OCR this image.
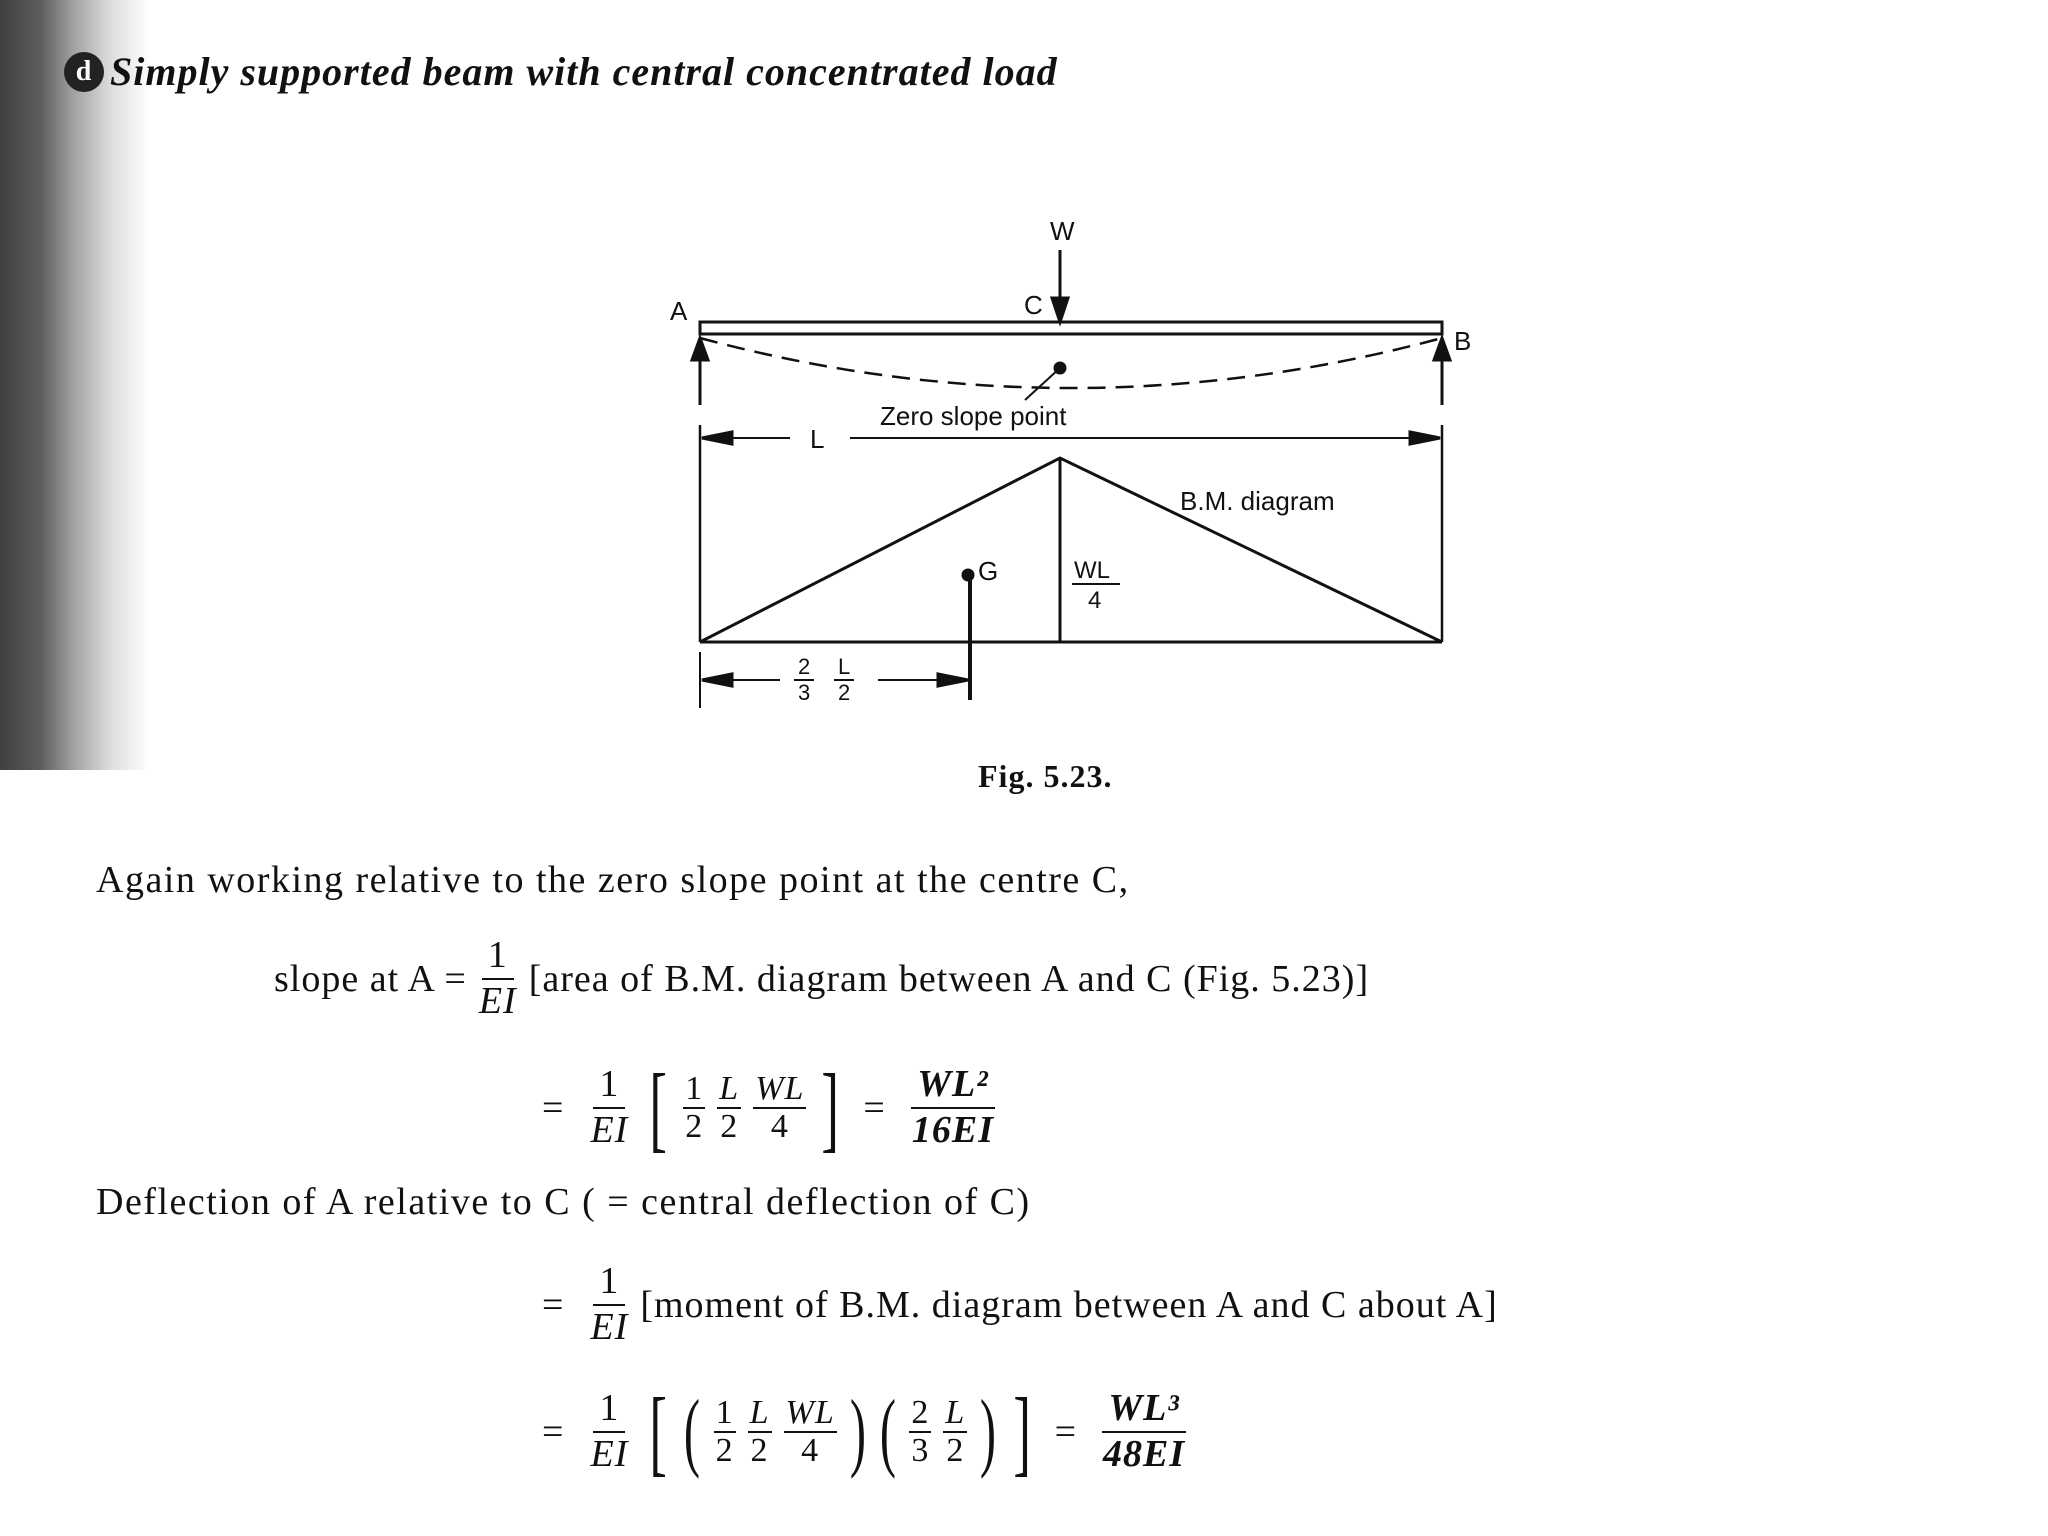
d Simply supported beam with central concentrated load
W
A	C
B
Zero slope point
L
B.M. diagram
G	WL
4
2
3
L
2
Fig. 5.23.
Again working relative to the zero slope point at the centre C,
slope at $A = \frac{1}{EI}$ [area of B.M. diagram between A and C (Fig. 5.23)]
= $\frac{1}{EI}$ [ $\frac{1}{2} \frac{L}{2} \frac{WL}{4}$ ] = $\frac{\text{WL²}}{16EI}$
Deflection of A relative to C ( = central deflection of C)
= $\frac{1}{EI}$ [moment of B.M. diagram between A and C about A]
= $\frac{1}{EI}$ [ ( $\frac{1}{2} \frac{L}{2} \frac{WL}{4}$ ) ( $\frac{2}{3} \frac{L}{2}$ ) ] = $\frac{\text{WL³}}{48EI}$
